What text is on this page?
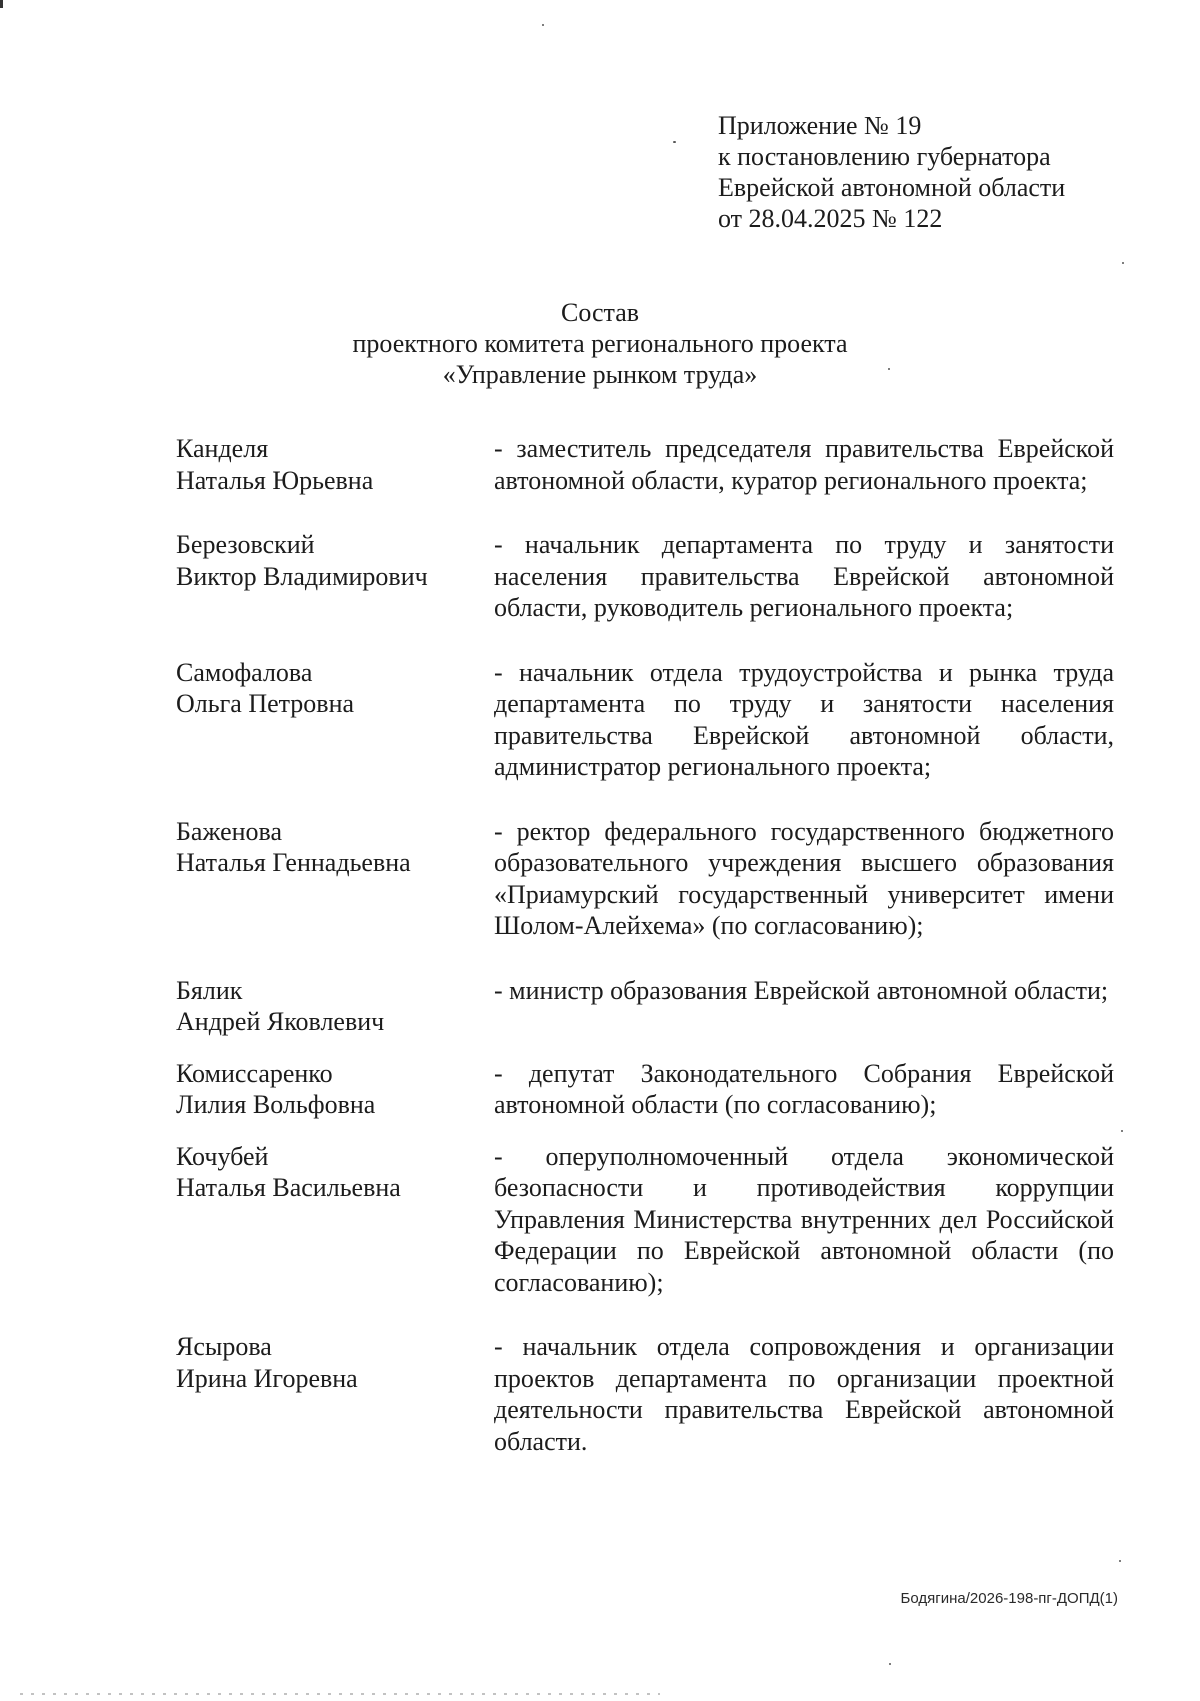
Приложение № 19
к постановлению губернатора
Еврейской автономной области
от 28.04.2025 № 122
Состав
проектного комитета регионального проекта
«Управление рынком труда»
Канделя
Наталья Юрьевна
- заместитель председателя правительства Еврейской автономной области, куратор регионального проекта;
Березовский
Виктор Владимирович
- начальник департамента по труду и занятости населения правительства Еврейской автономной области, руководитель регионального проекта;
Самофалова
Ольга Петровна
- начальник отдела трудоустройства и рынка труда департамента по труду и занятости населения правительства Еврейской автономной области, администратор регионального проекта;
Баженова
Наталья Геннадьевна
- ректор федерального государственного бюджетного образовательного учреждения высшего образования «Приамурский государственный университет имени Шолом-Алейхема» (по согласованию);
Бялик
Андрей Яковлевич
- министр образования Еврейской автономной области;
Комиссаренко
Лилия Вольфовна
- депутат Законодательного Собрания Еврейской автономной области (по согласованию);
Кочубей
Наталья Васильевна
- оперуполномоченный отдела экономической безопасности и противодействия коррупции Управления Министерства внутренних дел Российской Федерации по Еврейской автономной области (по согласованию);
Ясырова
Ирина Игоревна
- начальник отдела сопровождения и организации проектов департамента по организации проектной деятельности правительства Еврейской автономной области.
Бодягина/2026-198-пг-ДОПД(1)
